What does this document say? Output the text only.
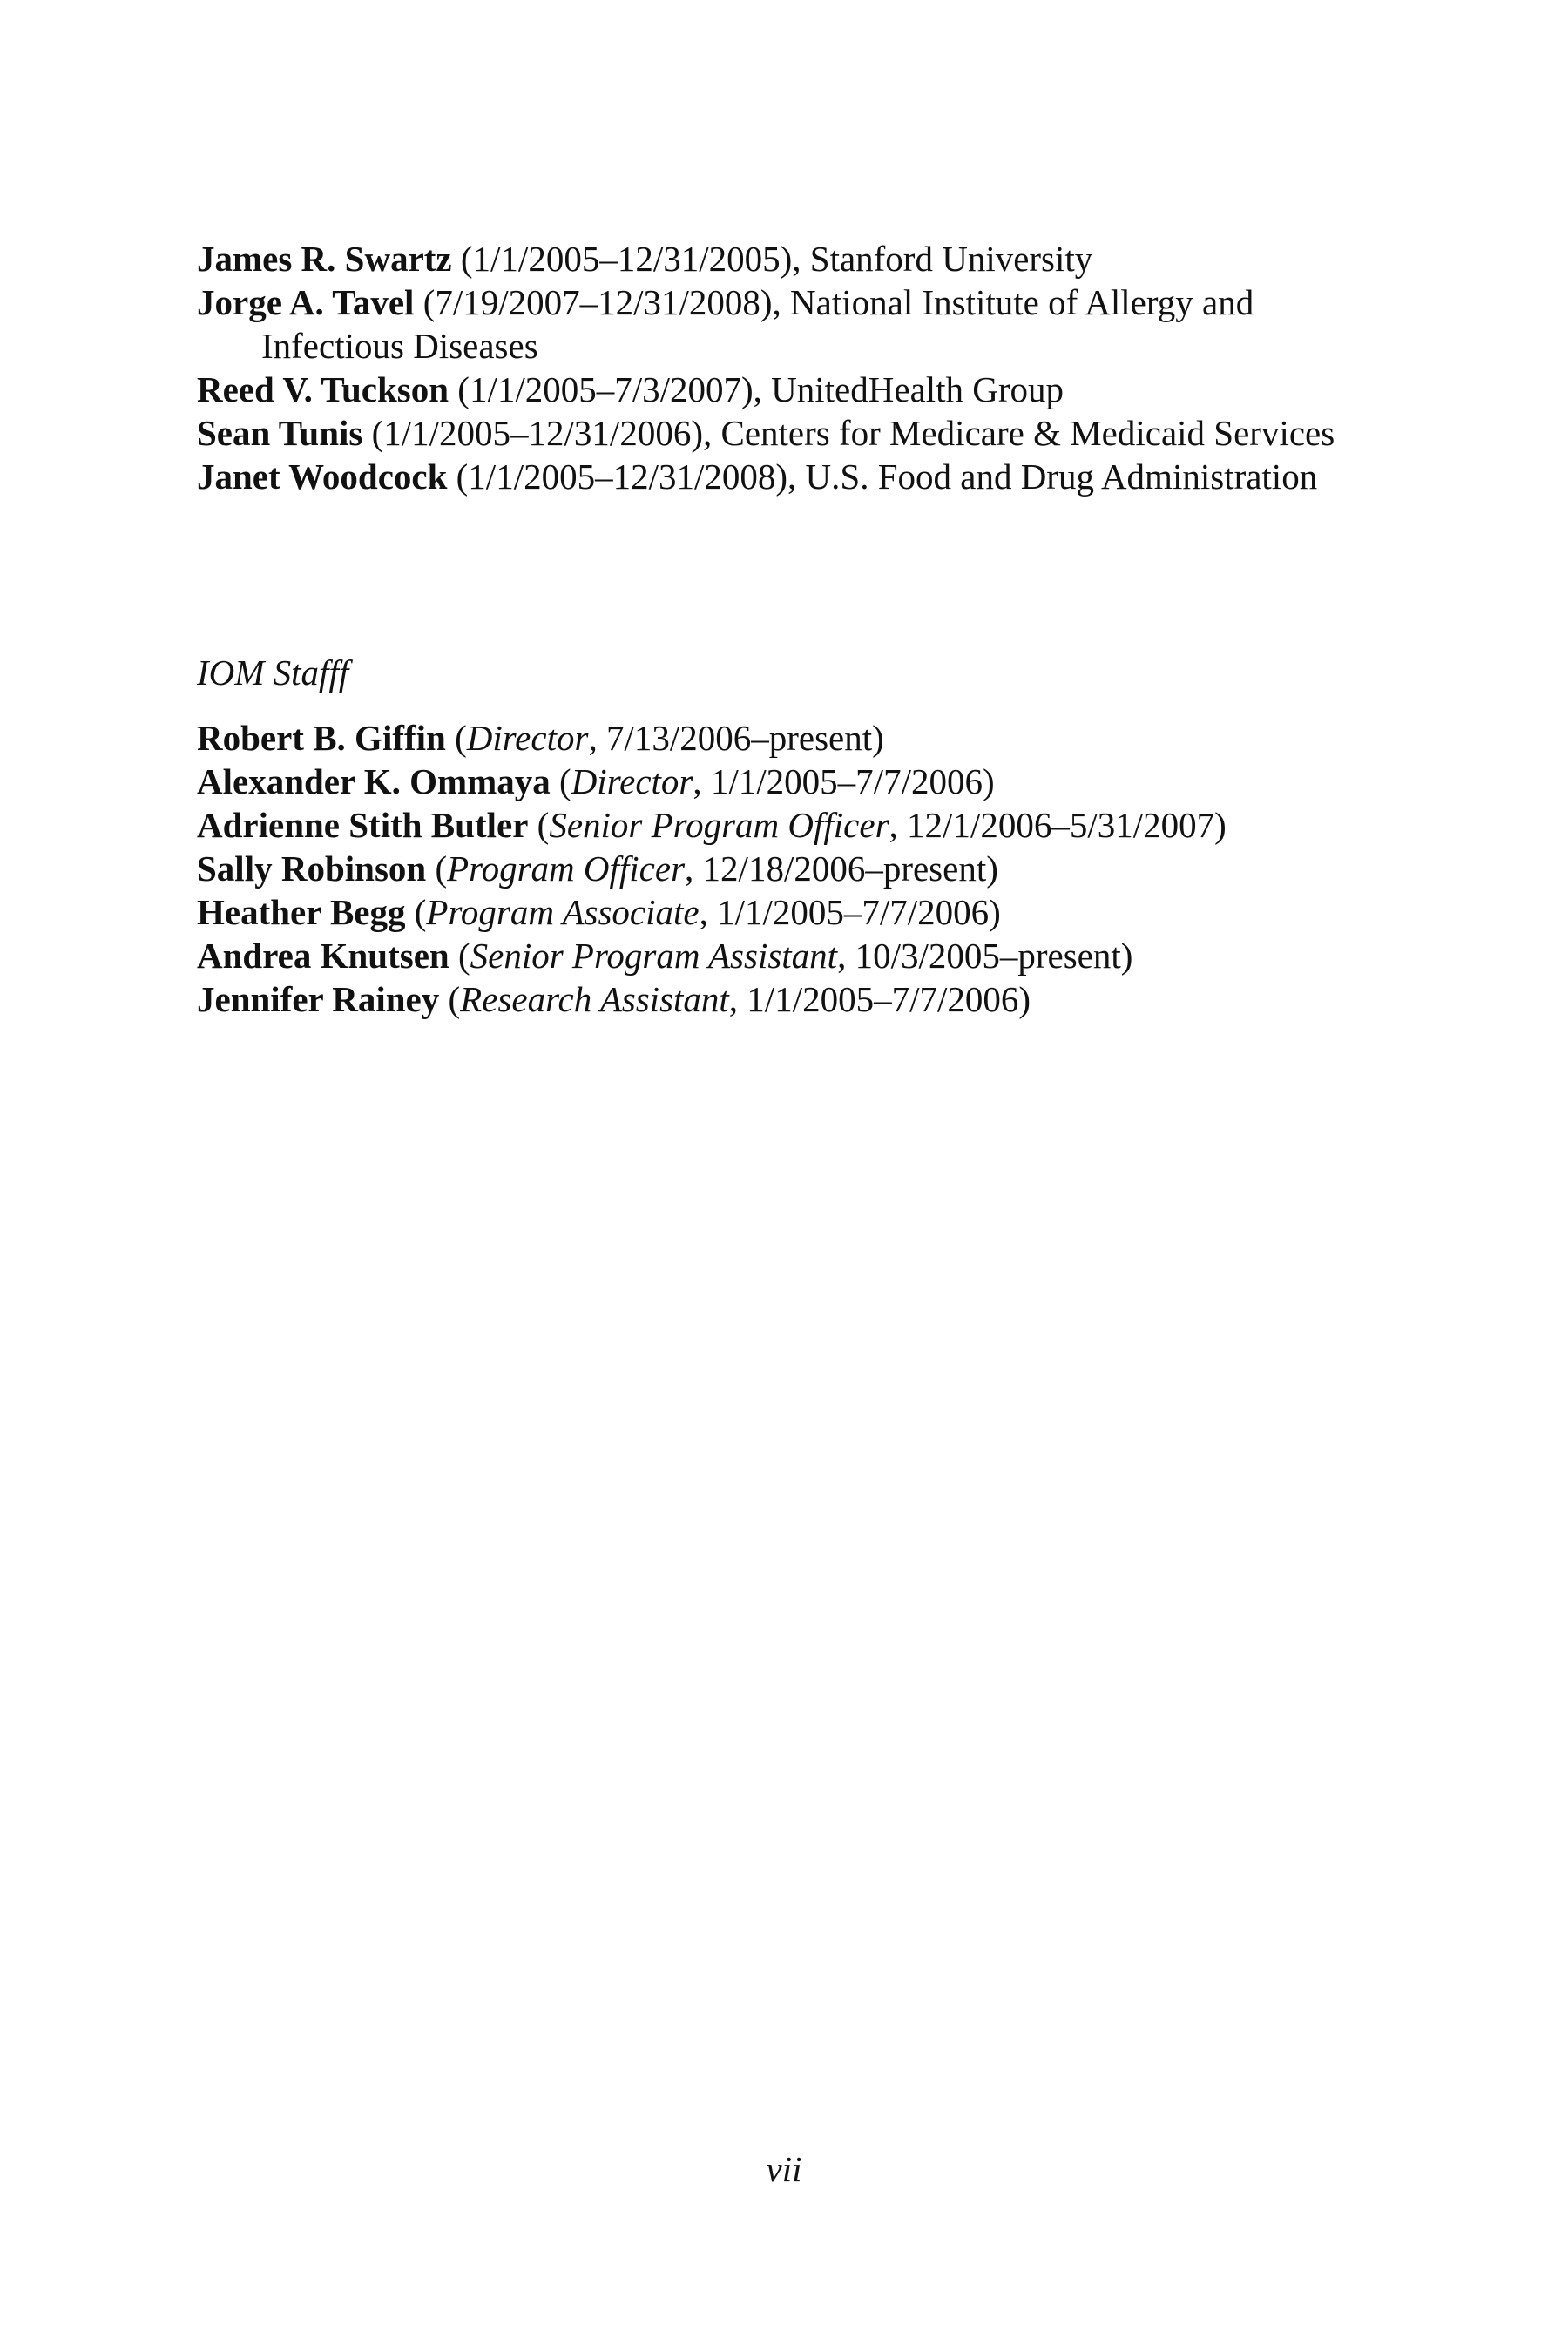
James R. Swartz (1/1/2005–12/31/2005), Stanford University

Jorge A. Tavel (7/19/2007–12/31/2008), National Institute of Allergy and Infectious Diseases

Reed V. Tuckson (1/1/2005–7/3/2007), UnitedHealth Group

Sean Tunis (1/1/2005–12/31/2006), Centers for Medicare & Medicaid Services

Janet Woodcock (1/1/2005–12/31/2008), U.S. Food and Drug Administration

IOM Stafff

Robert B. Giffin (Director, 7/13/2006–present)

Alexander K. Ommaya (Director, 1/1/2005–7/7/2006)

Adrienne Stith Butler (Senior Program Officer, 12/1/2006–5/31/2007)

Sally Robinson (Program Officer, 12/18/2006–present)

Heather Begg (Program Associate, 1/1/2005–7/7/2006)

Andrea Knutsen (Senior Program Assistant, 10/3/2005–present)

Jennifer Rainey (Research Assistant, 1/1/2005–7/7/2006)

vii
